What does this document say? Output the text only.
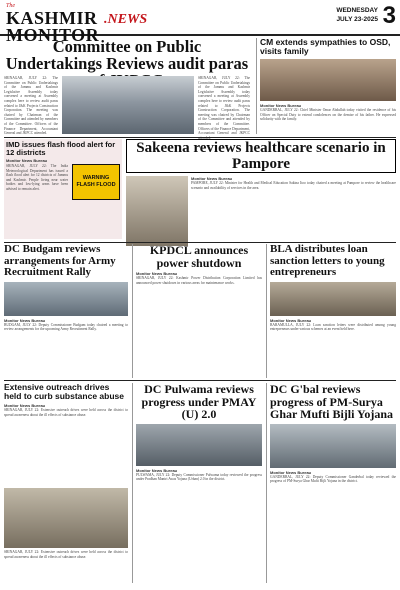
The
KASHMIR
MONITOR
.NEWS
WEDNESDAY
JULY 23-2025 3
Committee on Public Undertakings Reviews audit paras
SRINAGAR, JULY 22: The Committee on Public Undertakings of the Jammu and Kashmir Legislative Assembly today convened a meeting at Assembly complex here to review audit paras related to J&K Projects Construction Corporation. The meeting was chaired by Chairman of the Committee and attended by members of the Committee. Officers of the Finance Department, Accountant General and JKPCC attended.
SRINAGAR, JULY 22: The Committee on Public Undertakings of the Jammu and Kashmir Legislative Assembly today convened a meeting at Assembly complex here to review audit paras related to J&K Projects Construction Corporation. The meeting was chaired by Chairman of the Committee and attended by members of the Committee. Officers of the Finance Department, Accountant General and JKPCC
CM extends sympathies to OSD, visits family
Monitor News Bureau
GANDERBAL, JULY 22: Chief Minister Omar Abdullah today visited the residence of his Officer on Special Duty to extend condolences on the demise of his father. He expressed solidarity with the family.
IMD issues flash flood alert for 12 districts
Monitor News Bureau
SRINAGAR, JULY 22: The India Meteorological Department has issued a flash flood alert for 12 districts of Jammu and Kashmir. People living near water bodies and low-lying areas have been advised to remain alert.
WARNING FLASH FLOOD
Sakeena reviews healthcare scenario in Pampore
Monitor News Bureau
PAMPORE, JULY 22: Minister for Health and Medical Education Sakina Itoo today chaired a meeting at Pampore to review the healthcare scenario and availability of services in the area.
DC Budgam reviews arrangements for Army Recruitment Rally
Monitor News Bureau
BUDGAM, JULY 22: Deputy Commissioner Budgam today chaired a meeting to review arrangements for the upcoming Army Recruitment Rally.
KPDCL announces power shutdown
Monitor News Bureau
SRINAGAR, JULY 22: Kashmir Power Distribution Corporation Limited has announced power shutdown in various areas for maintenance works.
BLA distributes loan sanction letters to young entrepreneurs
Monitor News Bureau
BARAMULLA, JULY 22: Loan sanction letters were distributed among young entrepreneurs under various schemes at an event held here.
Extensive outreach drives held to curb substance abuse
Monitor News Bureau
SRINAGAR, JULY 22: Extensive outreach drives were held across the district to spread awareness about the ill effects of substance abuse.
SRINAGAR, JULY 22: Extensive outreach drives were held across the district to spread awareness about the ill effects of substance abuse.
DC Pulwama reviews progress under PMAY (U) 2.0
Monitor News Bureau
PULWAMA, JULY 22: Deputy Commissioner Pulwama today reviewed the progress under Pradhan Mantri Awas Yojana (Urban) 2.0 in the district.
DC G'bal reviews progress of PM-Surya Ghar Mufti Bijli Yojana
Monitor News Bureau
GANDERBAL, JULY 22: Deputy Commissioner Ganderbal today reviewed the progress of PM-Surya Ghar Mufti Bijli Yojana in the district.
